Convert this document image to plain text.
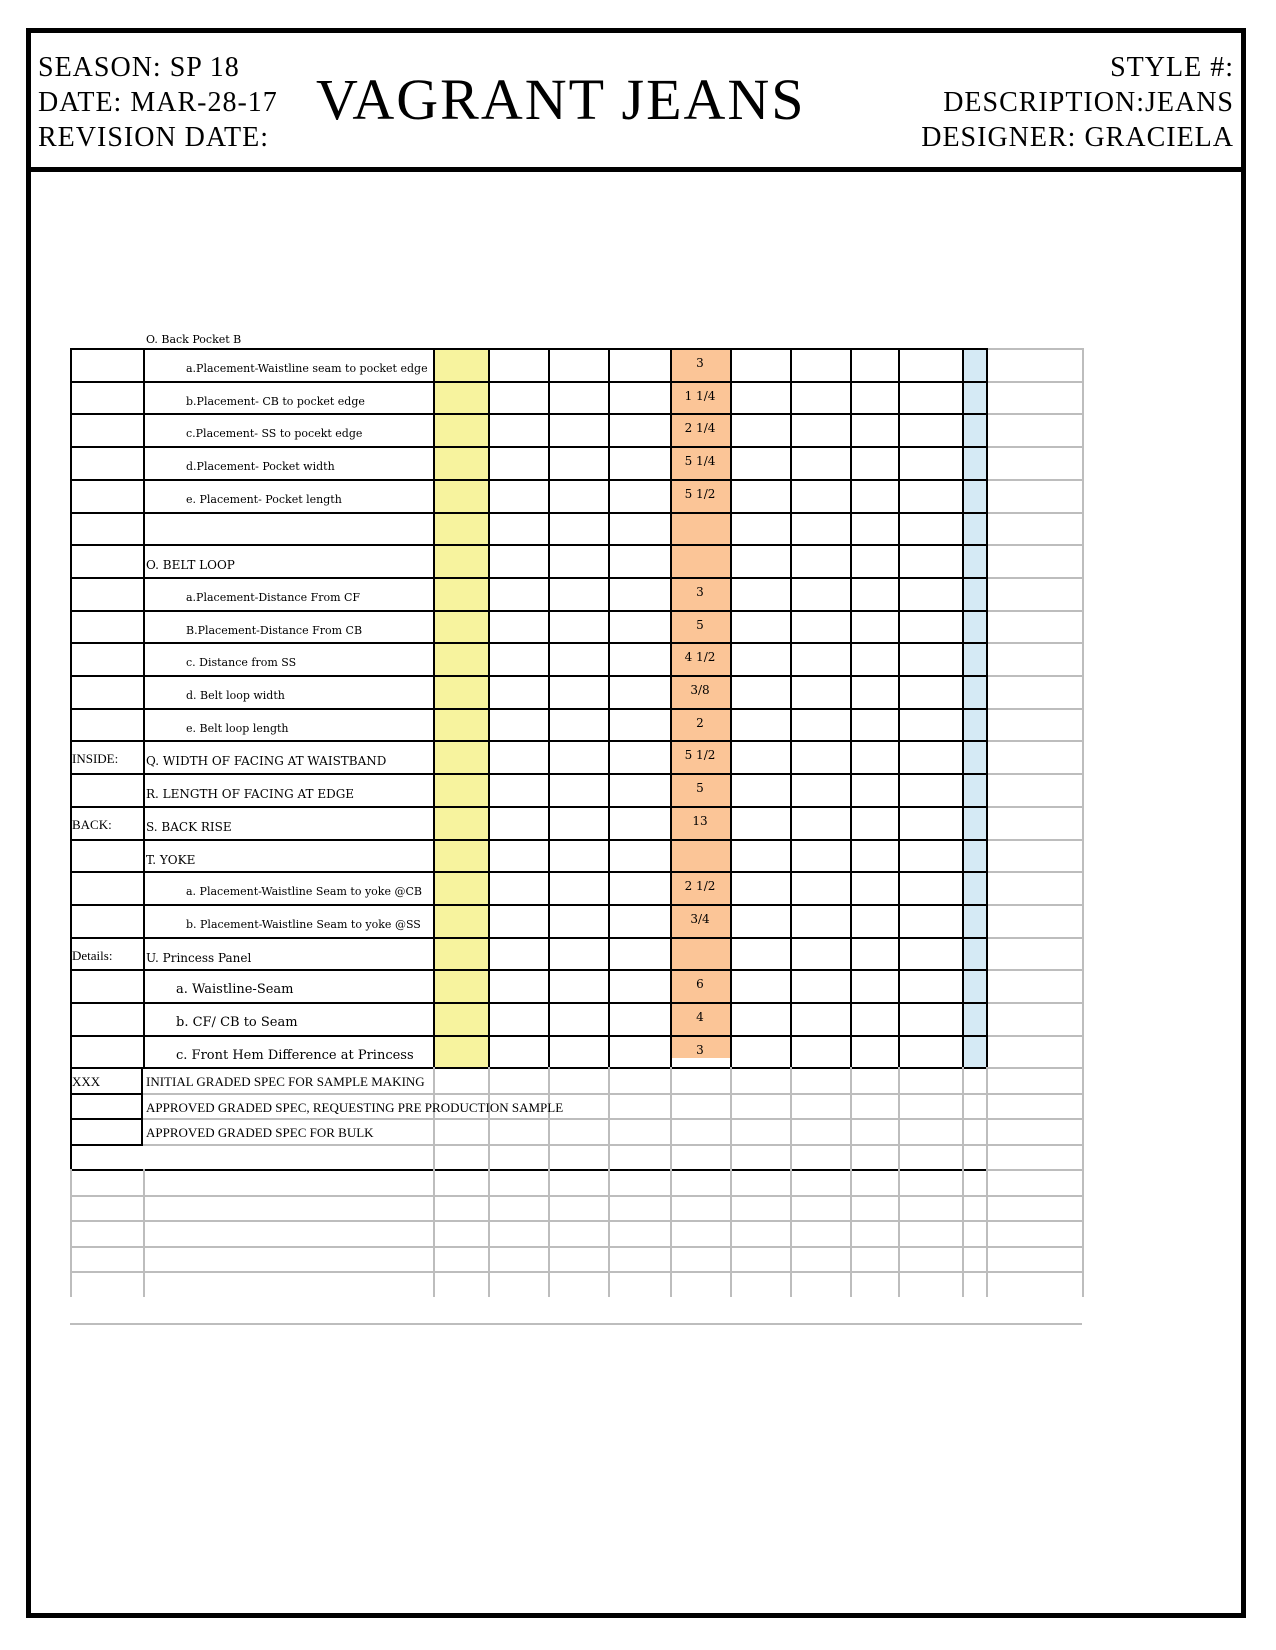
SEASON: SP 18
DATE: MAR-28-17
REVISION DATE:
VAGRANT JEANS	STYLE #:
DESCRIPTION:JEANS
DESIGNER: GRACIELA
O. Back Pocket B
a.Placement-Waistline seam to pocket edge	3
b.Placement- CB to pocket edge	1 1/4
c.Placement- SS to pocekt edge	2 1/4
d.Placement- Pocket width	5 1/4
e. Placement- Pocket length	5 1/2
O. BELT LOOP
a.Placement-Distance From CF	3
B.Placement-Distance From CB	5
c. Distance from SS	4 1/2
d. Belt loop width	3/8
e. Belt loop length	2
INSIDE: Q. WIDTH OF FACING AT WAISTBAND	5 1/2
R. LENGTH OF FACING AT EDGE	5
BACK:	S. BACK RISE	13
T. YOKE
a. Placement-Waistline Seam to yoke @CB	2 1/2
b. Placement-Waistline Seam to yoke @SS	3/4
Details:	U. Princess Panel
a. Waistline-Seam	6
b. CF/ CB to Seam	4
c. Front Hem Difference at Princess	3
XXX	INITIAL GRADED SPEC FOR SAMPLE MAKING
APPROVED GRADED SPEC, REQUESTING PRE PRODUCTION SAMPLE
APPROVED GRADED SPEC FOR BULK
